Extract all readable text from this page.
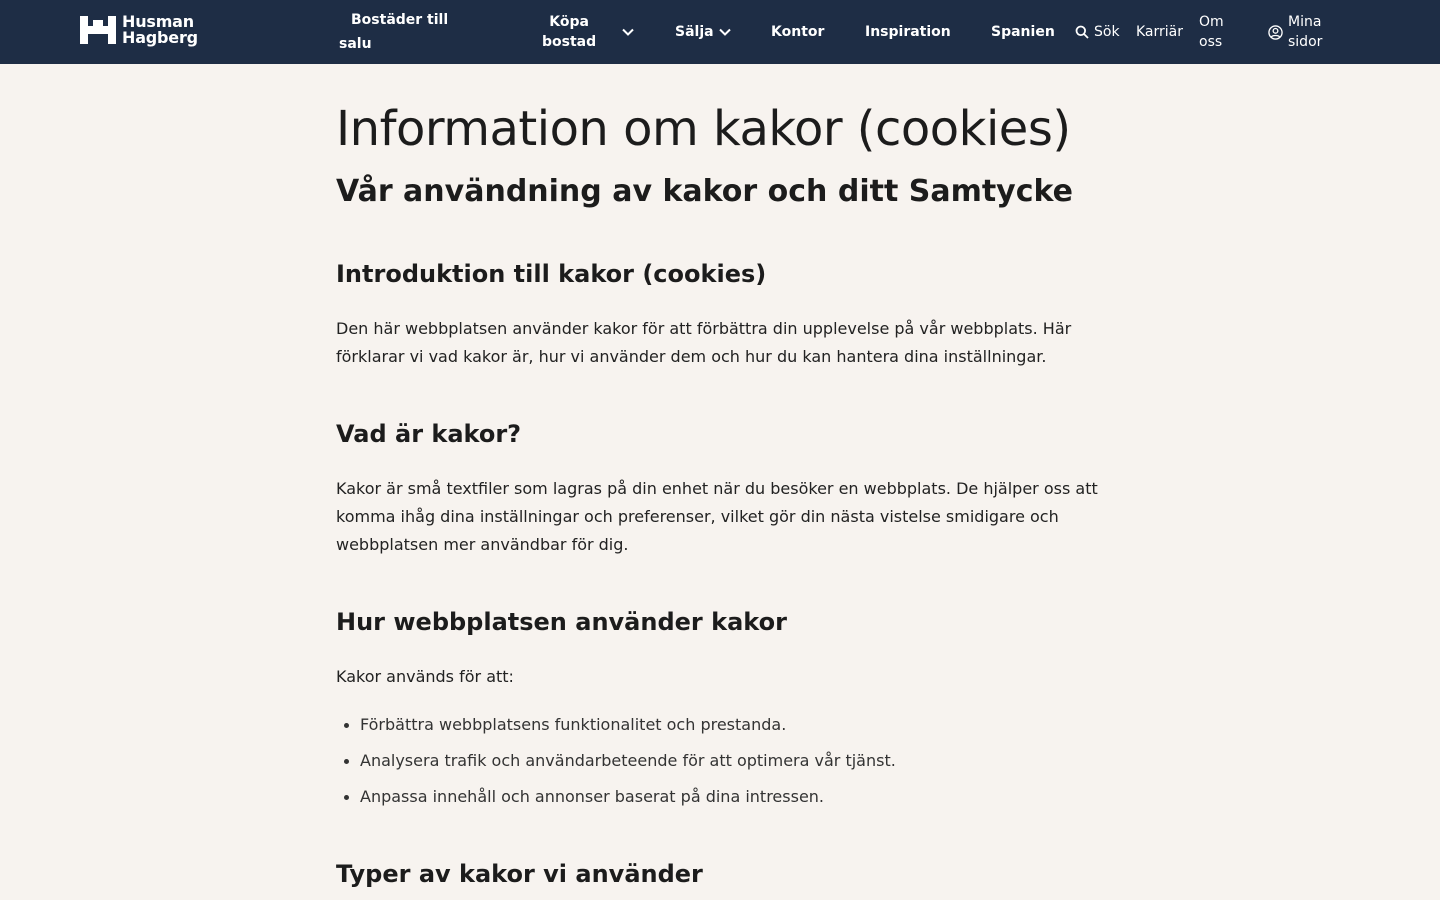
Husman
Hagberg
Bostäder till
salu
Köpa
bostad
Sälja	Kontor	Inspiration	Spanien	Sök Karriär
Om
oss
Mina
sidor
Information om kakor (cookies)
Vår användning av kakor och ditt Samtycke
Introduktion till kakor (cookies)

Den här webbplatsen använder kakor för att förbättra din upplevelse på vår webbplats. Här förklarar vi vad kakor är, hur vi använder dem och hur du kan hantera dina inställningar.

Vad är kakor?

Kakor är små textfiler som lagras på din enhet när du besöker en webbplats. De hjälper oss att komma ihåg dina inställningar och preferenser, vilket gör din nästa vistelse smidigare och webbplatsen mer användbar för dig.

Hur webbplatsen använder kakor

Kakor används för att:

Förbättra webbplatsens funktionalitet och prestanda.
Analysera trafik och användarbeteende för att optimera vår tjänst.
Anpassa innehåll och annonser baserat på dina intressen.
Typer av kakor vi använder
